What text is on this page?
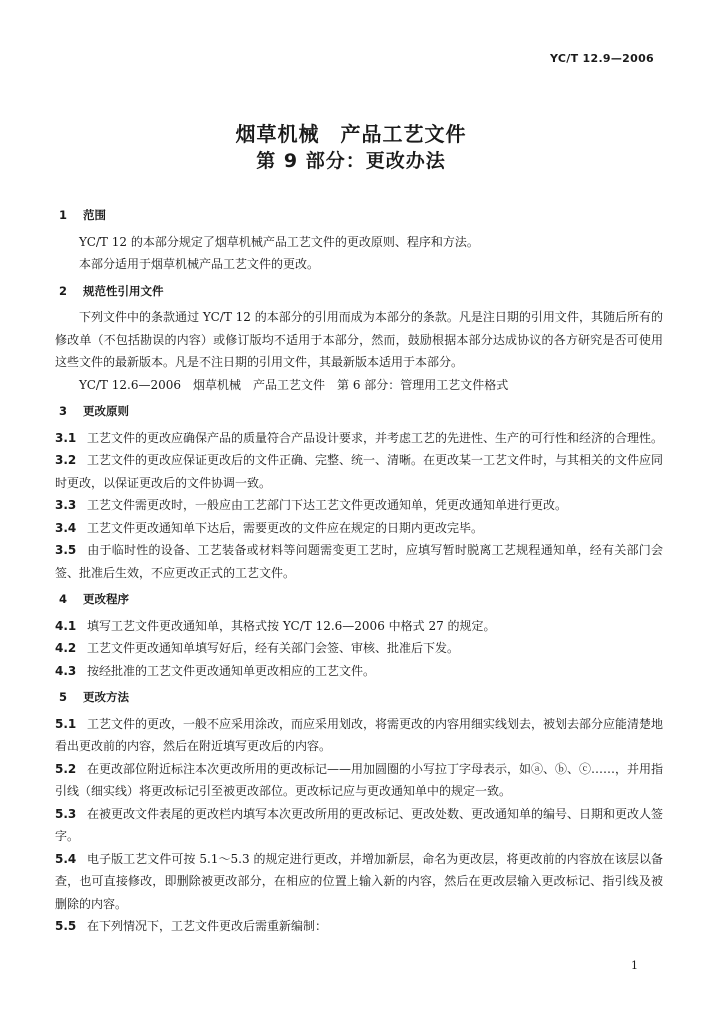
YC/T 12.9—2006
烟草机械　产品工艺文件
第 9 部分：更改办法

1 范围

YC/T 12 的本部分规定了烟草机械产品工艺文件的更改原则、程序和方法。

本部分适用于烟草机械产品工艺文件的更改。

2 规范性引用文件

下列文件中的条款通过 YC/T 12 的本部分的引用而成为本部分的条款。凡是注日期的引用文件，其随后所有的修改单（不包括勘误的内容）或修订版均不适用于本部分，然而，鼓励根据本部分达成协议的各方研究是否可使用这些文件的最新版本。凡是不注日期的引用文件，其最新版本适用于本部分。

YC/T 12.6—2006　烟草机械　产品工艺文件　第 6 部分：管理用工艺文件格式

3 更改原则

3.1 工艺文件的更改应确保产品的质量符合产品设计要求，并考虑工艺的先进性、生产的可行性和经济的合理性。

3.2 工艺文件的更改应保证更改后的文件正确、完整、统一、清晰。在更改某一工艺文件时，与其相关的文件应同时更改，以保证更改后的文件协调一致。

3.3 工艺文件需更改时，一般应由工艺部门下达工艺文件更改通知单，凭更改通知单进行更改。

3.4 工艺文件更改通知单下达后，需要更改的文件应在规定的日期内更改完毕。

3.5 由于临时性的设备、工艺装备或材料等问题需变更工艺时，应填写暂时脱离工艺规程通知单，经有关部门会签、批准后生效，不应更改正式的工艺文件。

4 更改程序

4.1 填写工艺文件更改通知单，其格式按 YC/T 12.6—2006 中格式 27 的规定。

4.2 工艺文件更改通知单填写好后，经有关部门会签、审核、批准后下发。

4.3 按经批准的工艺文件更改通知单更改相应的工艺文件。

5 更改方法

5.1 工艺文件的更改，一般不应采用涂改，而应采用划改，将需更改的内容用细实线划去，被划去部分应能清楚地看出更改前的内容，然后在附近填写更改后的内容。

5.2 在更改部位附近标注本次更改所用的更改标记——用加圆圈的小写拉丁字母表示，如ⓐ、ⓑ、ⓒ……，并用指引线（细实线）将更改标记引至被更改部位。更改标记应与更改通知单中的规定一致。

5.3 在被更改文件表尾的更改栏内填写本次更改所用的更改标记、更改处数、更改通知单的编号、日期和更改人签字。

5.4 电子版工艺文件可按 5.1～5.3 的规定进行更改，并增加新层，命名为更改层，将更改前的内容放在该层以备查，也可直接修改，即删除被更改部分，在相应的位置上输入新的内容，然后在更改层输入更改标记、指引线及被删除的内容。

5.5 在下列情况下，工艺文件更改后需重新编制：

1
